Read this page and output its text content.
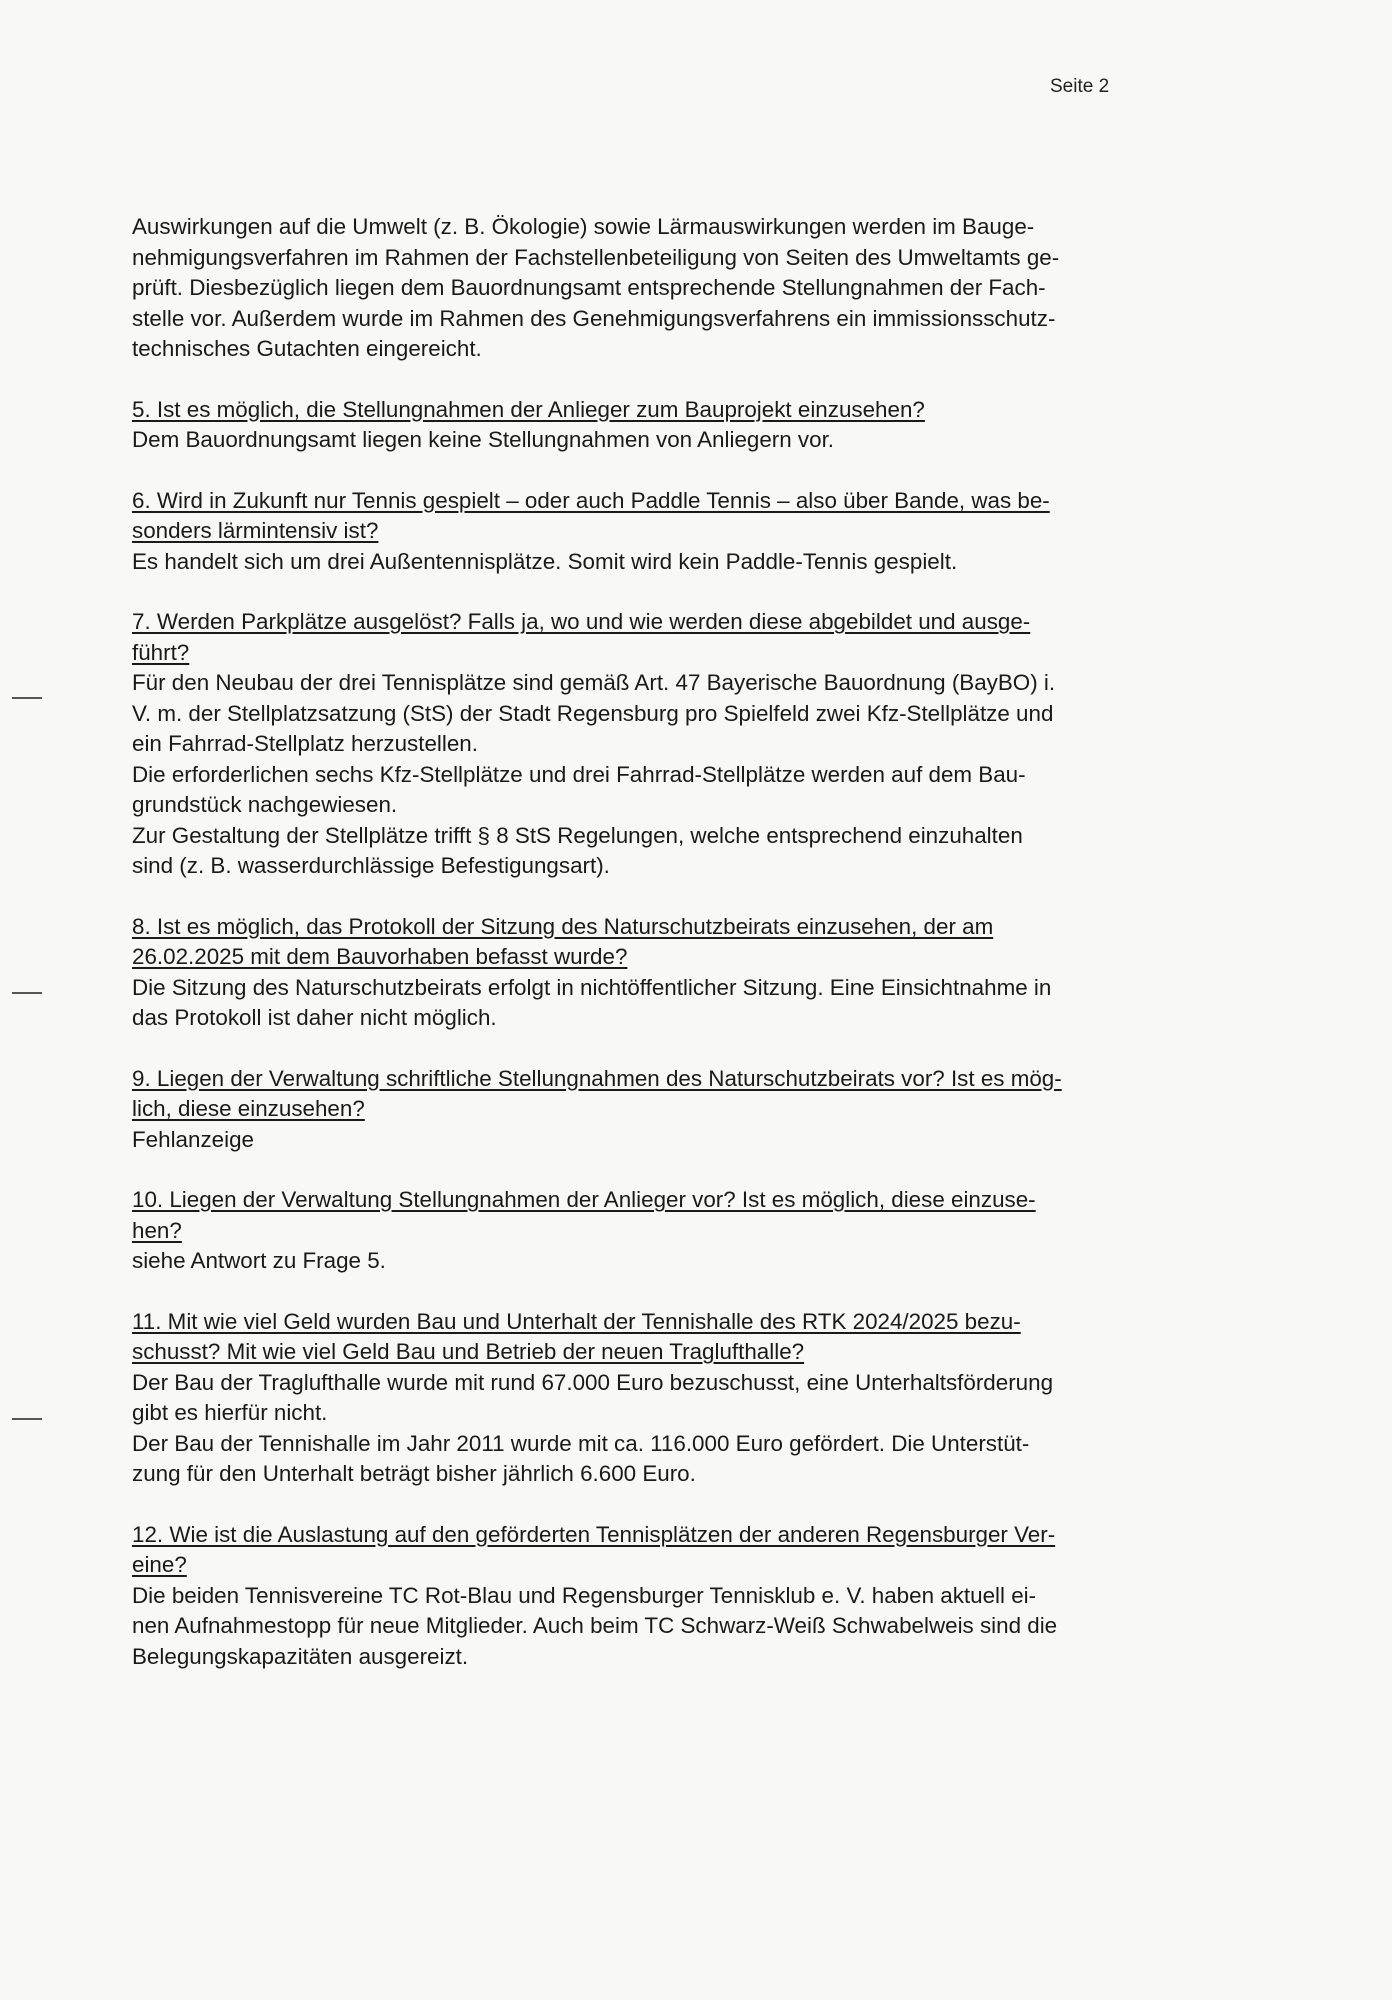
Seite 2

Auswirkungen auf die Umwelt (z. B. Ökologie) sowie Lärmauswirkungen werden im Bauge-
nehmigungsverfahren im Rahmen der Fachstellenbeteiligung von Seiten des Umweltamts ge-
prüft. Diesbezüglich liegen dem Bauordnungsamt entsprechende Stellungnahmen der Fach-
stelle vor. Außerdem wurde im Rahmen des Genehmigungsverfahrens ein immissionsschutz-
technisches Gutachten eingereicht.

5. Ist es möglich, die Stellungnahmen der Anlieger zum Bauprojekt einzusehen?

Dem Bauordnungsamt liegen keine Stellungnahmen von Anliegern vor.

6. Wird in Zukunft nur Tennis gespielt – oder auch Paddle Tennis – also über Bande, was be-
sonders lärmintensiv ist?

Es handelt sich um drei Außentennisplätze. Somit wird kein Paddle-Tennis gespielt.

7. Werden Parkplätze ausgelöst? Falls ja, wo und wie werden diese abgebildet und ausge-
führt?

Für den Neubau der drei Tennisplätze sind gemäß Art. 47 Bayerische Bauordnung (BayBO) i.
V. m. der Stellplatzsatzung (StS) der Stadt Regensburg pro Spielfeld zwei Kfz-Stellplätze und
ein Fahrrad-Stellplatz herzustellen.
Die erforderlichen sechs Kfz-Stellplätze und drei Fahrrad-Stellplätze werden auf dem Bau-
grundstück nachgewiesen.
Zur Gestaltung der Stellplätze trifft § 8 StS Regelungen, welche entsprechend einzuhalten
sind (z. B. wasserdurchlässige Befestigungsart).

8. Ist es möglich, das Protokoll der Sitzung des Naturschutzbeirats einzusehen, der am
26.02.2025 mit dem Bauvorhaben befasst wurde?

Die Sitzung des Naturschutzbeirats erfolgt in nichtöffentlicher Sitzung. Eine Einsichtnahme in
das Protokoll ist daher nicht möglich.

9. Liegen der Verwaltung schriftliche Stellungnahmen des Naturschutzbeirats vor? Ist es mög-
lich, diese einzusehen?

Fehlanzeige

10. Liegen der Verwaltung Stellungnahmen der Anlieger vor? Ist es möglich, diese einzuse-
hen?

siehe Antwort zu Frage 5.

11. Mit wie viel Geld wurden Bau und Unterhalt der Tennishalle des RTK 2024/2025 bezu-
schusst? Mit wie viel Geld Bau und Betrieb der neuen Traglufthalle?

Der Bau der Traglufthalle wurde mit rund 67.000 Euro bezuschusst, eine Unterhaltsförderung
gibt es hierfür nicht.
Der Bau der Tennishalle im Jahr 2011 wurde mit ca. 116.000 Euro gefördert. Die Unterstüt-
zung für den Unterhalt beträgt bisher jährlich 6.600 Euro.

12. Wie ist die Auslastung auf den geförderten Tennisplätzen der anderen Regensburger Ver-
eine?

Die beiden Tennisvereine TC Rot-Blau und Regensburger Tennisklub e. V. haben aktuell ei-
nen Aufnahmestopp für neue Mitglieder. Auch beim TC Schwarz-Weiß Schwabelweis sind die
Belegungskapazitäten ausgereizt.
